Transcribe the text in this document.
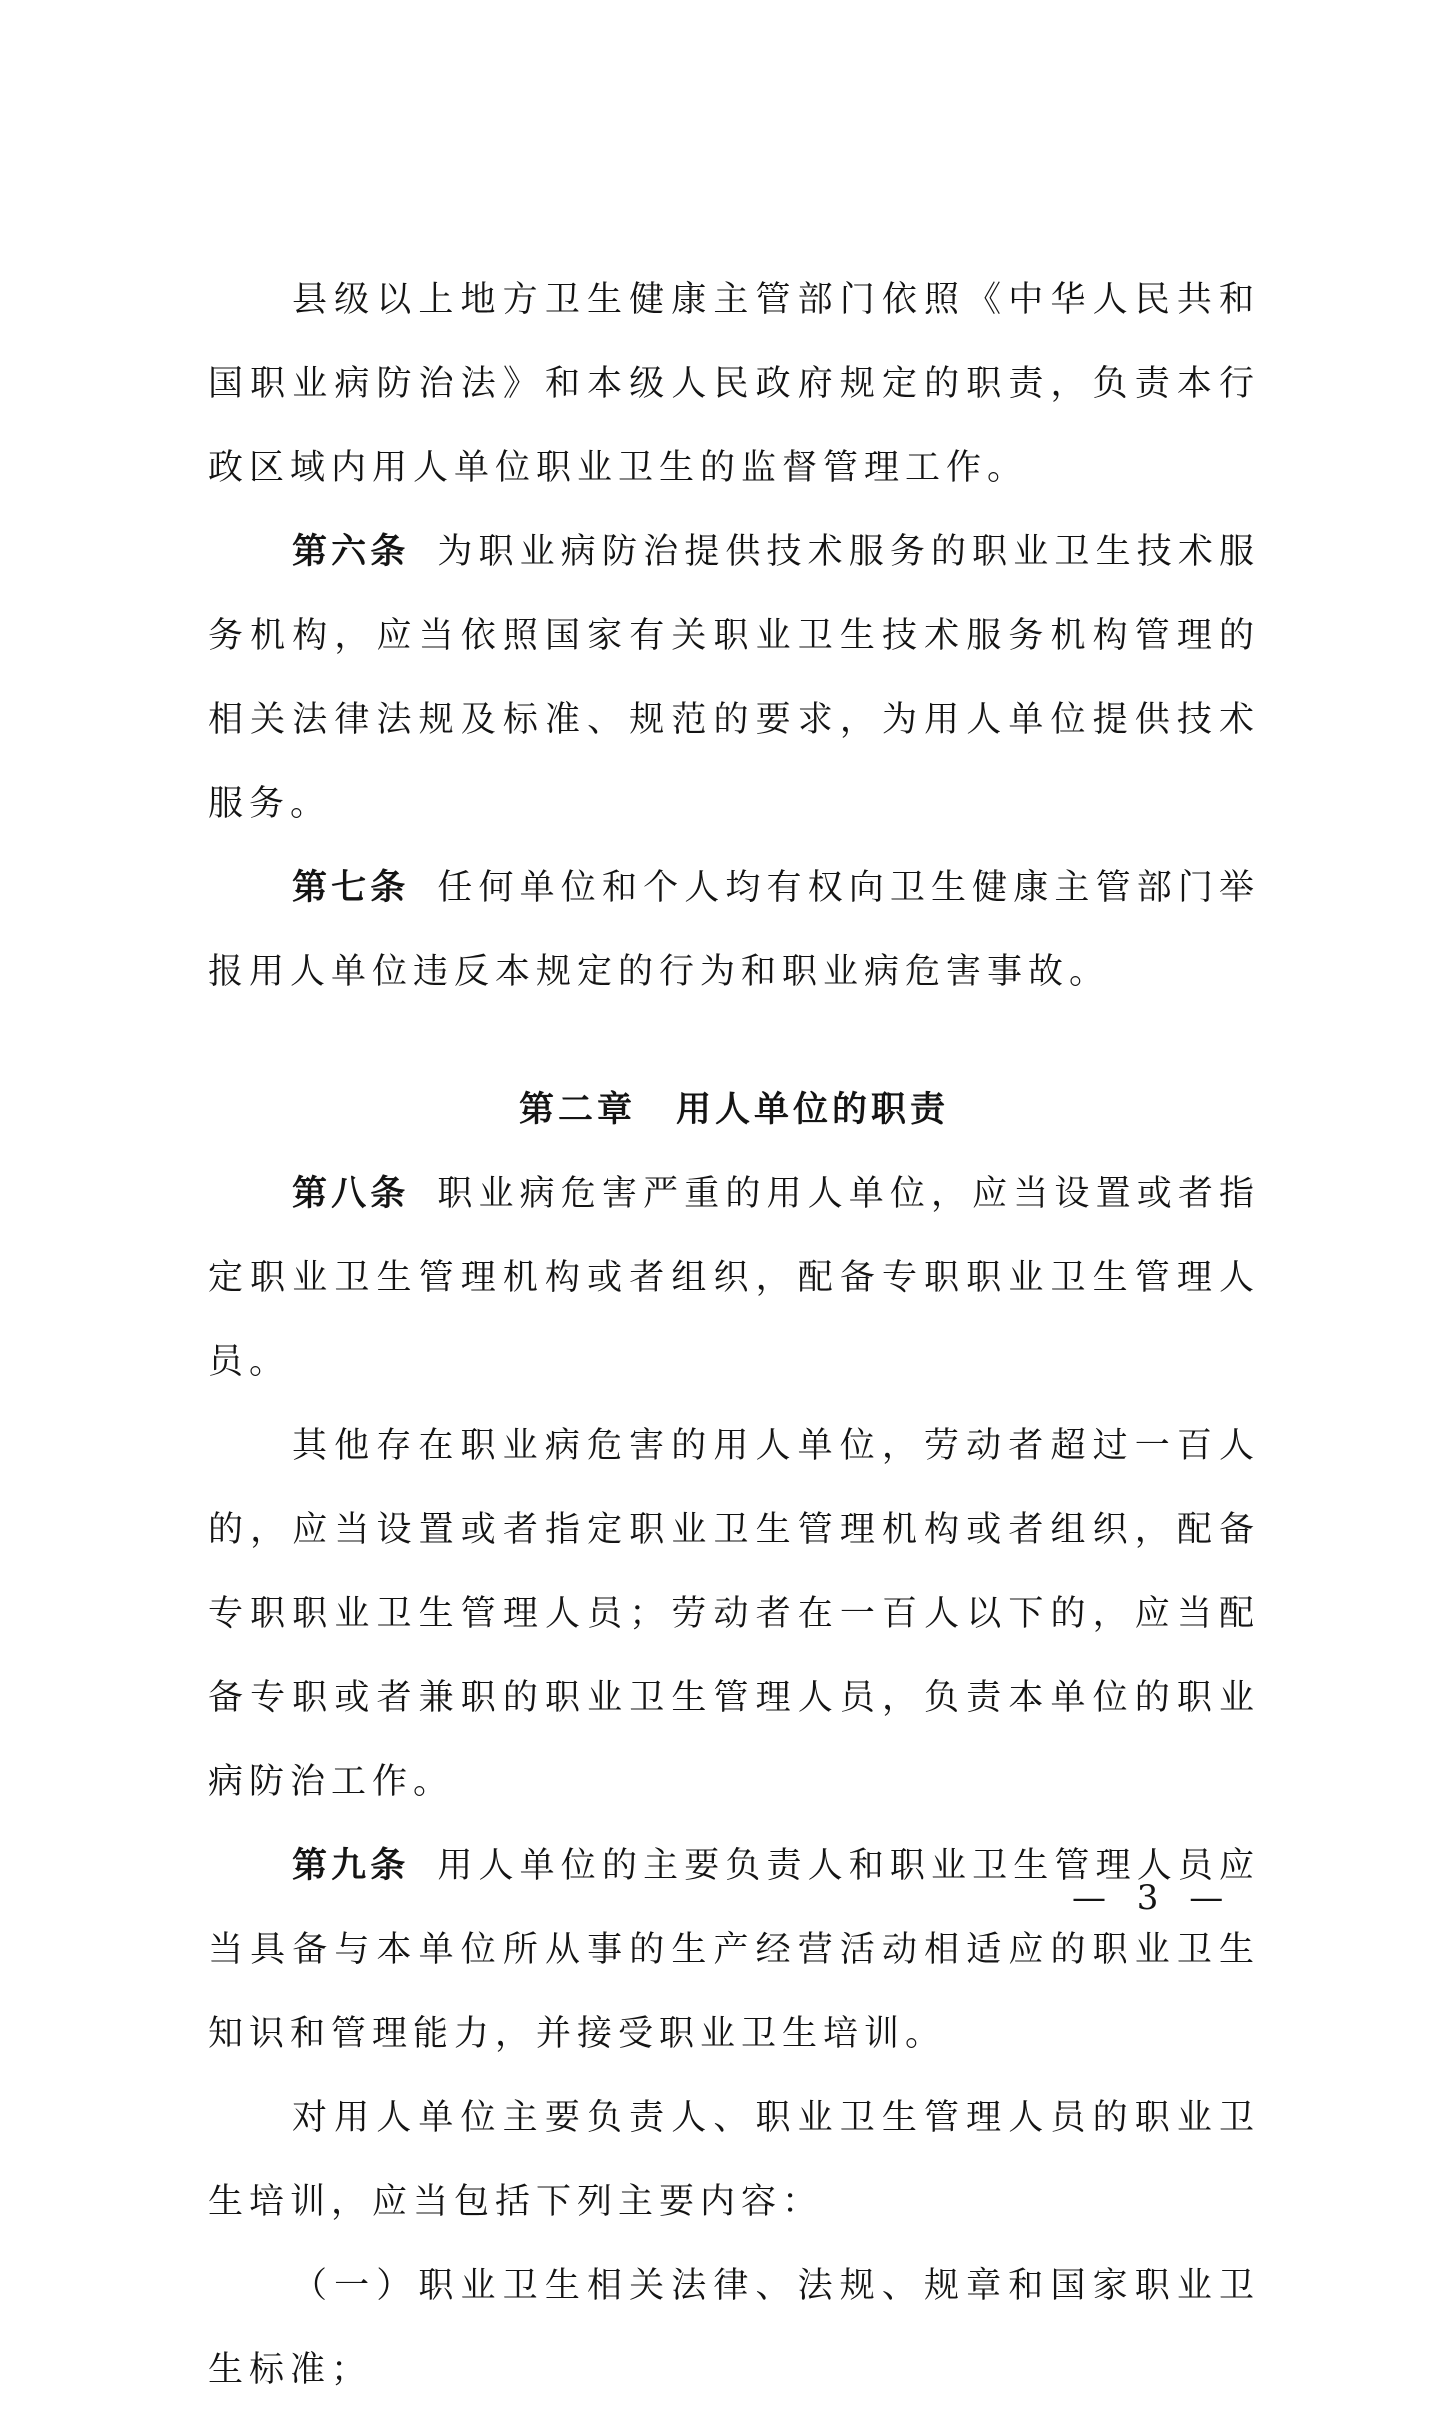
县级以上地方卫生健康主管部门依照《中华人民共和国职业病防治法》和本级人民政府规定的职责，负责本行政区域内用人单位职业卫生的监督管理工作。

第六条 为职业病防治提供技术服务的职业卫生技术服务机构，应当依照国家有关职业卫生技术服务机构管理的相关法律法规及标准、规范的要求，为用人单位提供技术服务。

第七条 任何单位和个人均有权向卫生健康主管部门举报用人单位违反本规定的行为和职业病危害事故。

第二章 用人单位的职责

第八条 职业病危害严重的用人单位，应当设置或者指定职业卫生管理机构或者组织，配备专职职业卫生管理人员。

其他存在职业病危害的用人单位，劳动者超过一百人的，应当设置或者指定职业卫生管理机构或者组织，配备专职职业卫生管理人员；劳动者在一百人以下的，应当配备专职或者兼职的职业卫生管理人员，负责本单位的职业病防治工作。

第九条 用人单位的主要负责人和职业卫生管理人员应当具备与本单位所从事的生产经营活动相适应的职业卫生知识和管理能力，并接受职业卫生培训。

对用人单位主要负责人、职业卫生管理人员的职业卫生培训，应当包括下列主要内容：

（一）职业卫生相关法律、法规、规章和国家职业卫生标准；

— 3 —
